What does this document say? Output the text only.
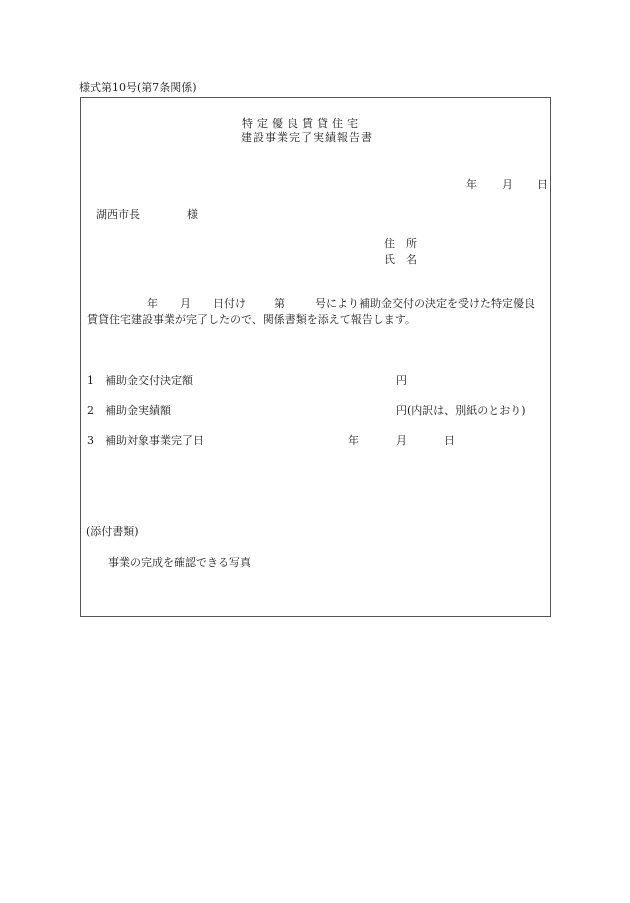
様式第10号(第7条関係)
特定優良賃貸住宅
建設事業完了実績報告書
年 月 日
湖西市長	様
住　所
氏　名
年 月 日付け	第	号により補助金交付の決定を受けた特定優良
賃貸住宅建設事業が完了したので、関係書類を添えて報告します。
1　補助金交付決定額	円
2　補助金実績額	円(内訳は、別紙のとおり)
3　補助対象事業完了日	年	月	日
(添付書類)
事業の完成を確認できる写真
